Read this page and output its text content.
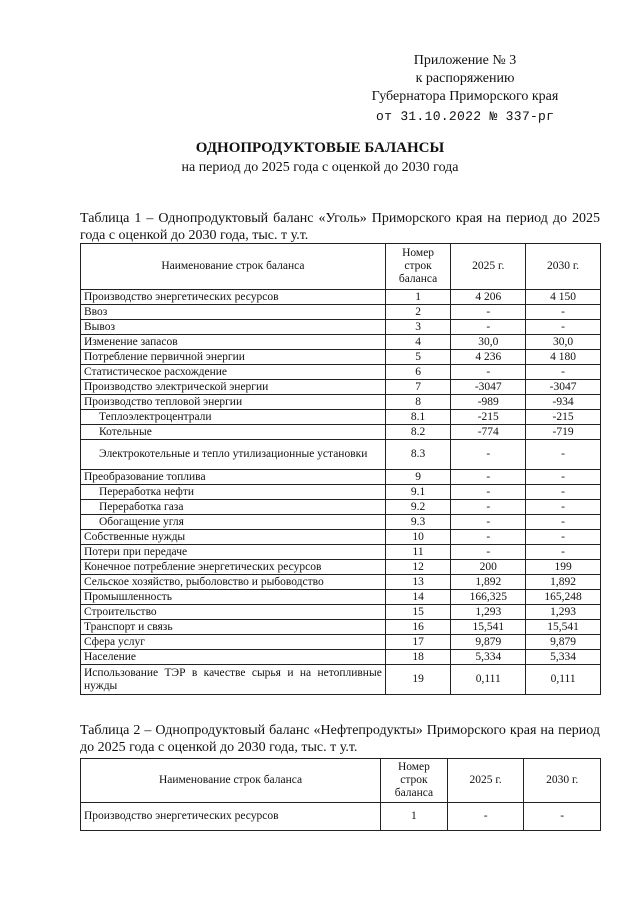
Приложение № 3
к распоряжению
Губернатора Приморского края
от 31.10.2022 № 337-рг
ОДНОПРОДУКТОВЫЕ БАЛАНСЫ
на период до 2025 года с оценкой до 2030 года
Таблица 1 – Однопродуктовый баланс «Уголь» Приморского края на период до 2025 года с оценкой до 2030 года, тыс. т у.т.
Наименование строк баланса	Номер строк баланса	2025 г.	2030 г.
Производство энергетических ресурсов	1	4 206	4 150
Ввоз	2	-	-
Вывоз	3	-	-
Изменение запасов	4	30,0	30,0
Потребление первичной энергии	5	4 236	4 180
Статистическое расхождение	6	-	-
Производство электрической энергии	7	-3047	-3047
Производство тепловой энергии	8	-989	-934
Теплоэлектроцентрали	8.1	-215	-215
Котельные	8.2	-774	-719
Электрокотельные и тепло утилизационные установки	8.3	-	-
Преобразование топлива	9	-	-
Переработка нефти	9.1	-	-
Переработка газа	9.2	-	-
Обогащение угля	9.3	-	-
Собственные нужды	10	-	-
Потери при передаче	11	-	-
Конечное потребление энергетических ресурсов	12	200	199
Сельское хозяйство, рыболовство и рыбоводство	13	1,892	1,892
Промышленность	14	166,325	165,248
Строительство	15	1,293	1,293
Транспорт и связь	16	15,541	15,541
Сфера услуг	17	9,879	9,879
Население	18	5,334	5,334
Использование ТЭР в качестве сырья и на нетопливные нужды	19	0,111	0,111
Таблица 2 – Однопродуктовый баланс «Нефтепродукты» Приморского края на период до 2025 года с оценкой до 2030 года, тыс. т у.т.
Наименование строк баланса	Номер строк баланса	2025 г.	2030 г.
Производство энергетических ресурсов	1	-	-
